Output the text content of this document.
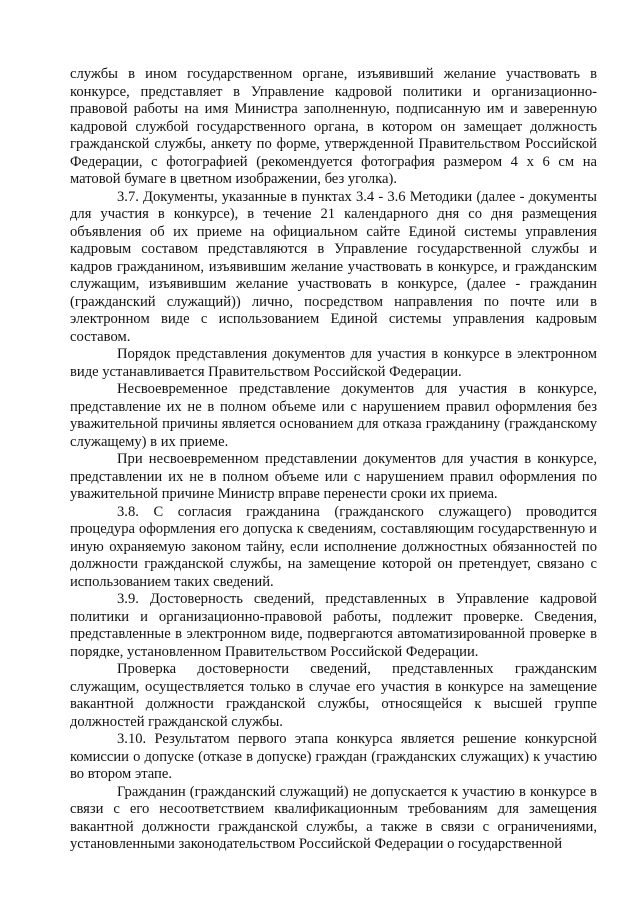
службы в ином государственном органе, изъявивший желание участвовать в конкурсе, представляет в Управление кадровой политики и организационно-правовой работы на имя Министра заполненную, подписанную им и заверенную кадровой службой государственного органа, в котором он замещает должность гражданской службы, анкету по форме, утвержденной Правительством Российской Федерации, с фотографией (рекомендуется фотография размером 4 х 6 см на матовой бумаге в цветном изображении, без уголка).

3.7. Документы, указанные в пунктах 3.4 - 3.6 Методики (далее - документы для участия в конкурсе), в течение 21 календарного дня со дня размещения объявления об их приеме на официальном сайте Единой системы управления кадровым составом представляются в Управление государственной службы и кадров гражданином, изъявившим желание участвовать в конкурсе, и гражданским служащим, изъявившим желание участвовать в конкурсе, (далее - гражданин (гражданский служащий)) лично, посредством направления по почте или в электронном виде с использованием Единой системы управления кадровым составом.

Порядок представления документов для участия в конкурсе в электронном виде устанавливается Правительством Российской Федерации.

Несвоевременное представление документов для участия в конкурсе, представление их не в полном объеме или с нарушением правил оформления без уважительной причины является основанием для отказа гражданину (гражданскому служащему) в их приеме.

При несвоевременном представлении документов для участия в конкурсе, представлении их не в полном объеме или с нарушением правил оформления по уважительной причине Министр вправе перенести сроки их приема.

3.8. С согласия гражданина (гражданского служащего) проводится процедура оформления его допуска к сведениям, составляющим государственную и иную охраняемую законом тайну, если исполнение должностных обязанностей по должности гражданской службы, на замещение которой он претендует, связано с использованием таких сведений.

3.9. Достоверность сведений, представленных в Управление кадровой политики и организационно-правовой работы, подлежит проверке. Сведения, представленные в электронном виде, подвергаются автоматизированной проверке в порядке, установленном Правительством Российской Федерации.

Проверка достоверности сведений, представленных гражданским служащим, осуществляется только в случае его участия в конкурсе на замещение вакантной должности гражданской службы, относящейся к высшей группе должностей гражданской службы.

3.10. Результатом первого этапа конкурса является решение конкурсной комиссии о допуске (отказе в допуске) граждан (гражданских служащих) к участию во втором этапе.

Гражданин (гражданский служащий) не допускается к участию в конкурсе в связи с его несоответствием квалификационным требованиям для замещения вакантной должности гражданской службы, а также в связи с ограничениями, установленными законодательством Российской Федерации о государственной
